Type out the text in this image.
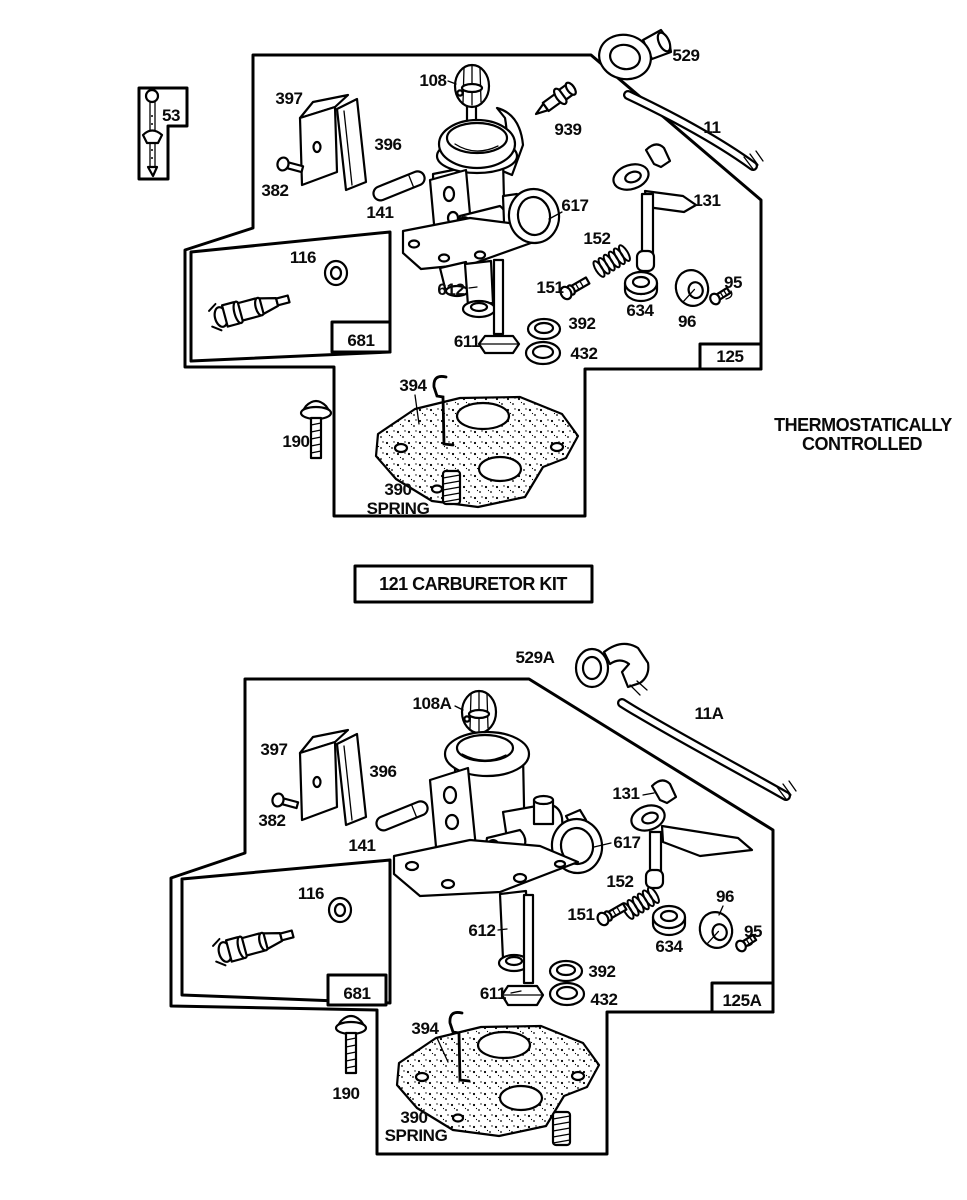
681
125
53
397
108
939
529
11
396
382
141	617	131
152
116
151
612
611
392
432
634
96
95
394
190
390
SPRING
THERMOSTATICALLY
CONTROLLED
121 CARBURETOR KIT
681	125A
529A
108A
11A
397
396
382
141
131
617
152
151
116
612
611
392
432
634
96
95
394
190
390
SPRING
